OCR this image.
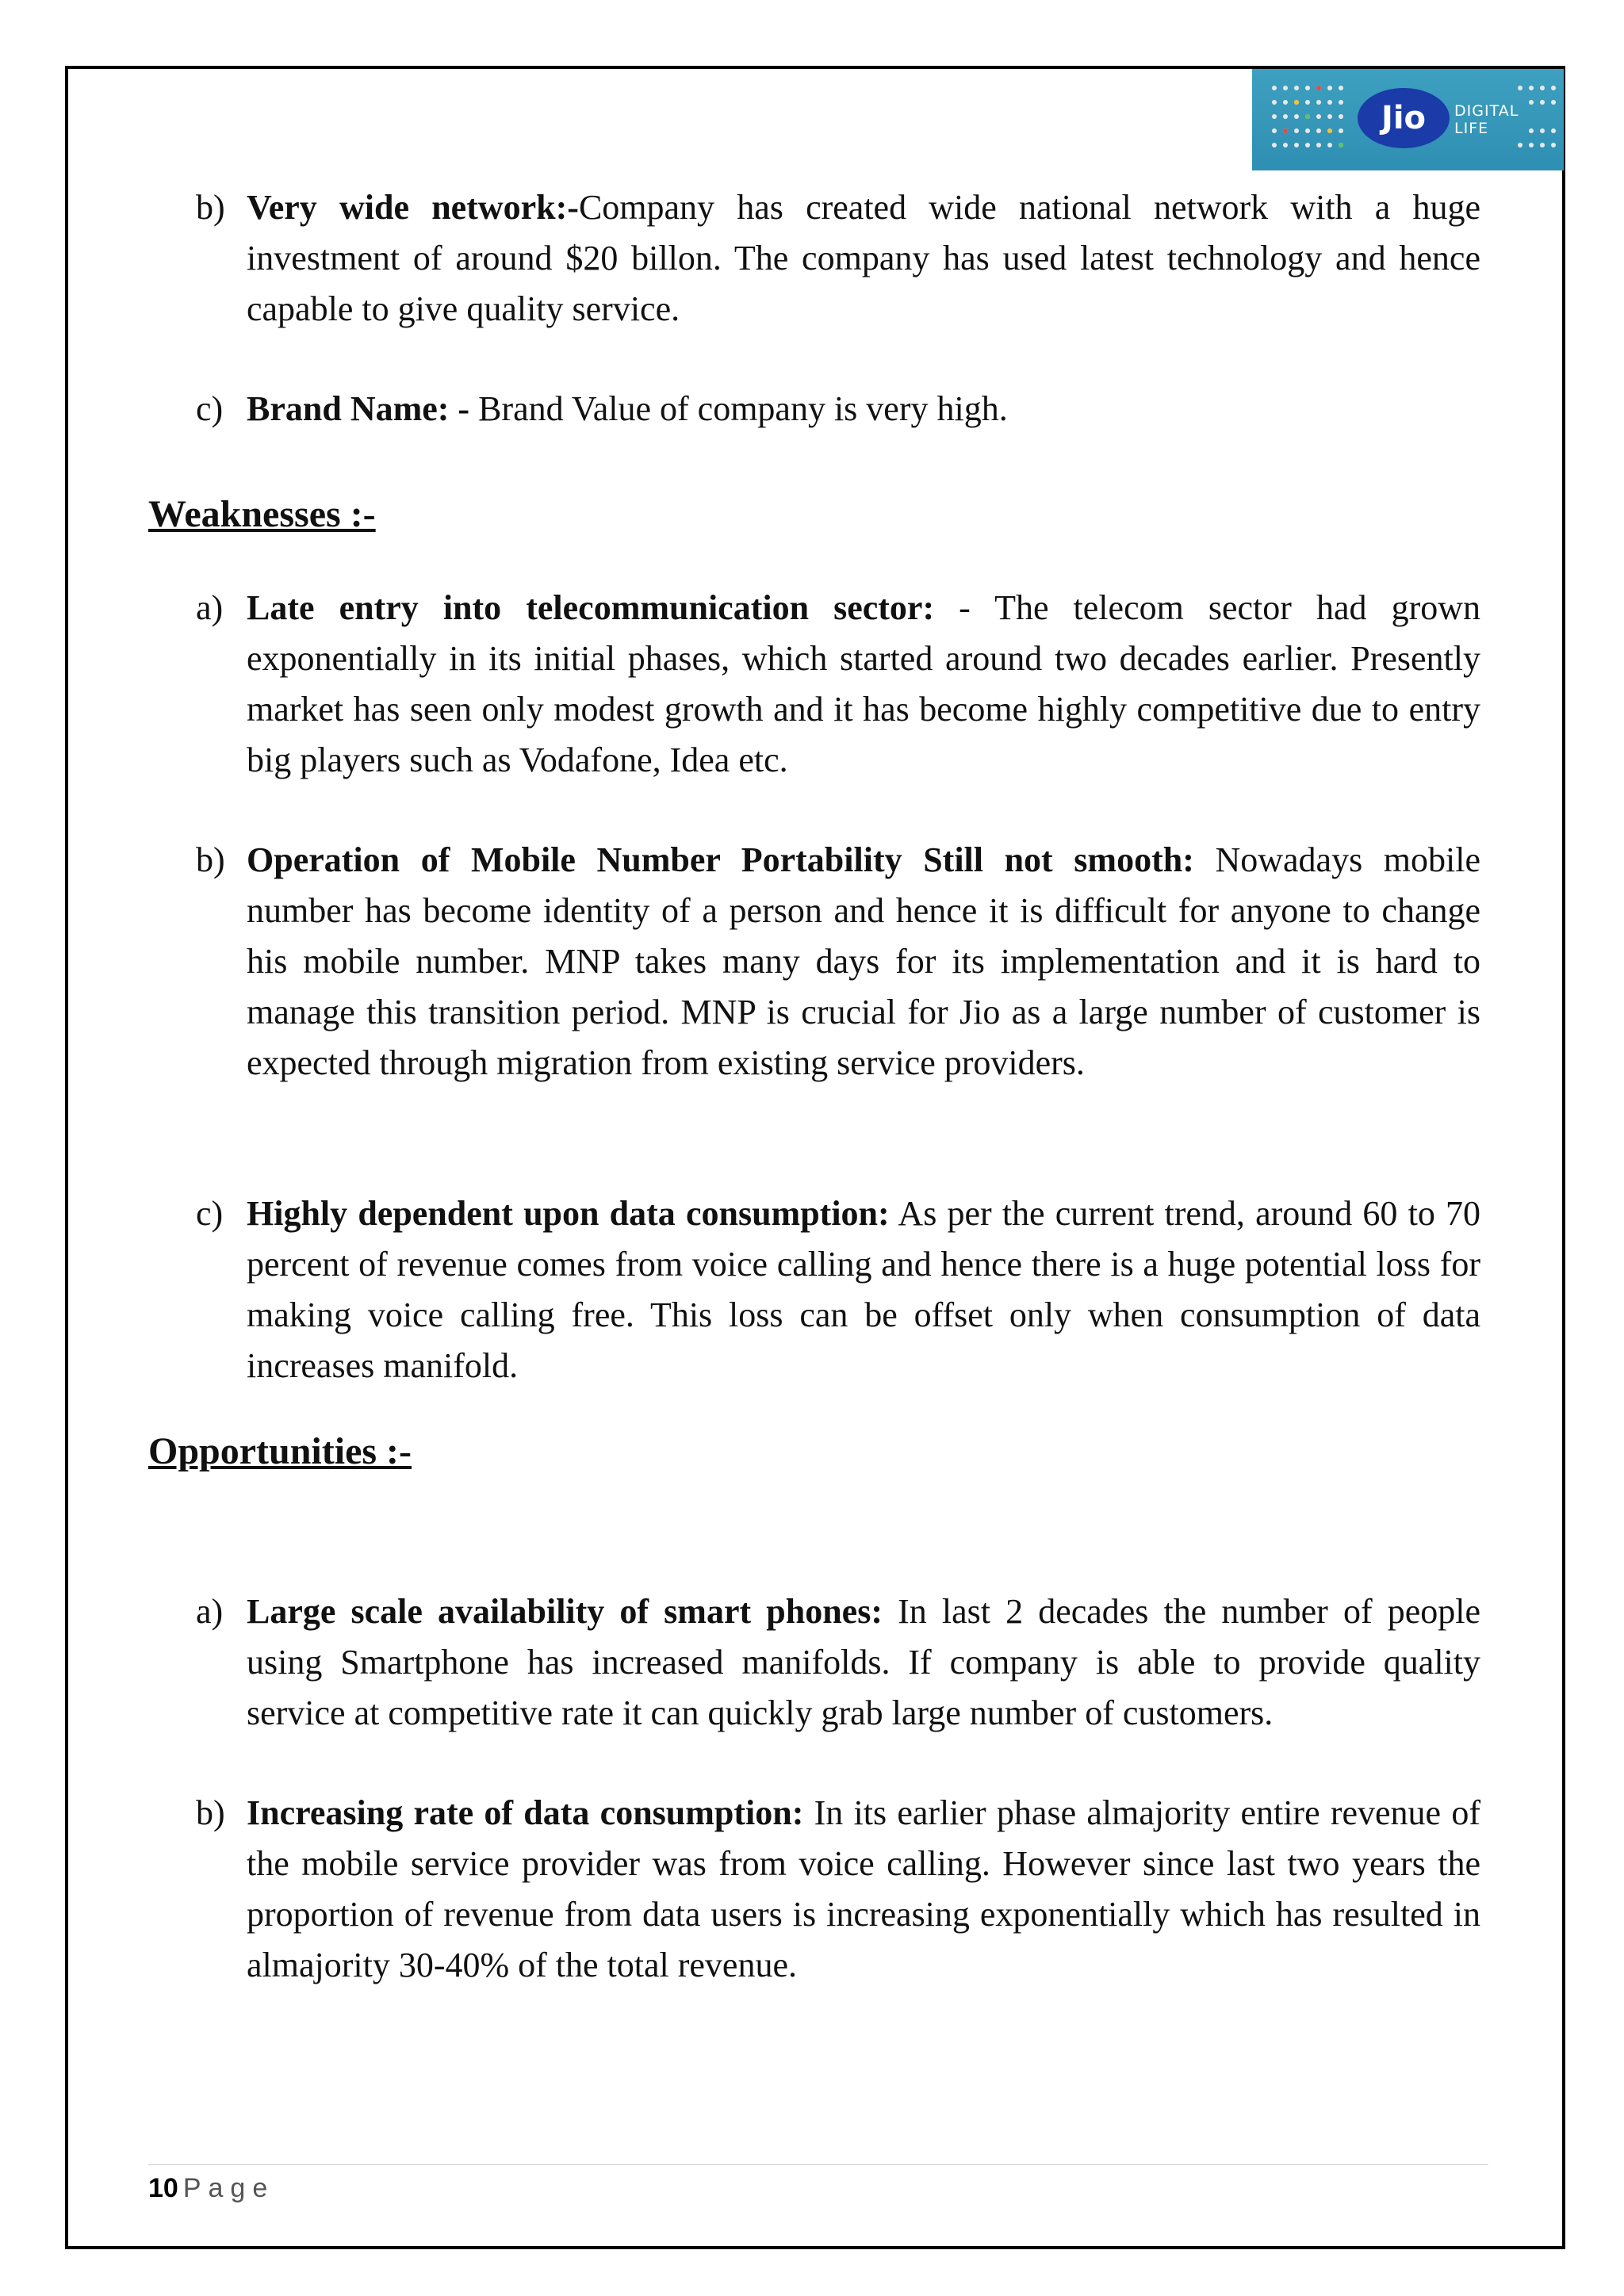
Jio	DIGITAL
LIFE
b) Very wide network:-Company has created wide national network with a huge investment of around $20 billon. The company has used latest technology and hence capable to give quality service.

c) Brand Name: - Brand Value of company is very high.

Weaknesses :-
a) Late entry into telecommunication sector: - The telecom sector had grown exponentially in its initial phases, which started around two decades earlier. Presently market has seen only modest growth and it has become highly competitive due to entry big players such as Vodafone, Idea etc.

b) Operation of Mobile Number Portability Still not smooth: Nowadays mobile number has become identity of a person and hence it is difficult for anyone to change his mobile number. MNP takes many days for its implementation and it is hard to manage this transition period. MNP is crucial for Jio as a large number of customer is expected through migration from existing service providers.

c) Highly dependent upon data consumption: As per the current trend, around 60 to 70 percent of revenue comes from voice calling and hence there is a huge potential loss for making voice calling free. This loss can be offset only when consumption of data increases manifold.

Opportunities :-
a) Large scale availability of smart phones: In last 2 decades the number of people using Smartphone has increased manifolds. If company is able to provide quality service at competitive rate it can quickly grab large number of customers.

b) Increasing rate of data consumption: In its earlier phase almajority entire revenue of the mobile service provider was from voice calling. However since last two years the proportion of revenue from data users is increasing exponentially which has resulted in almajority 30-40% of the total revenue.

10 Page
